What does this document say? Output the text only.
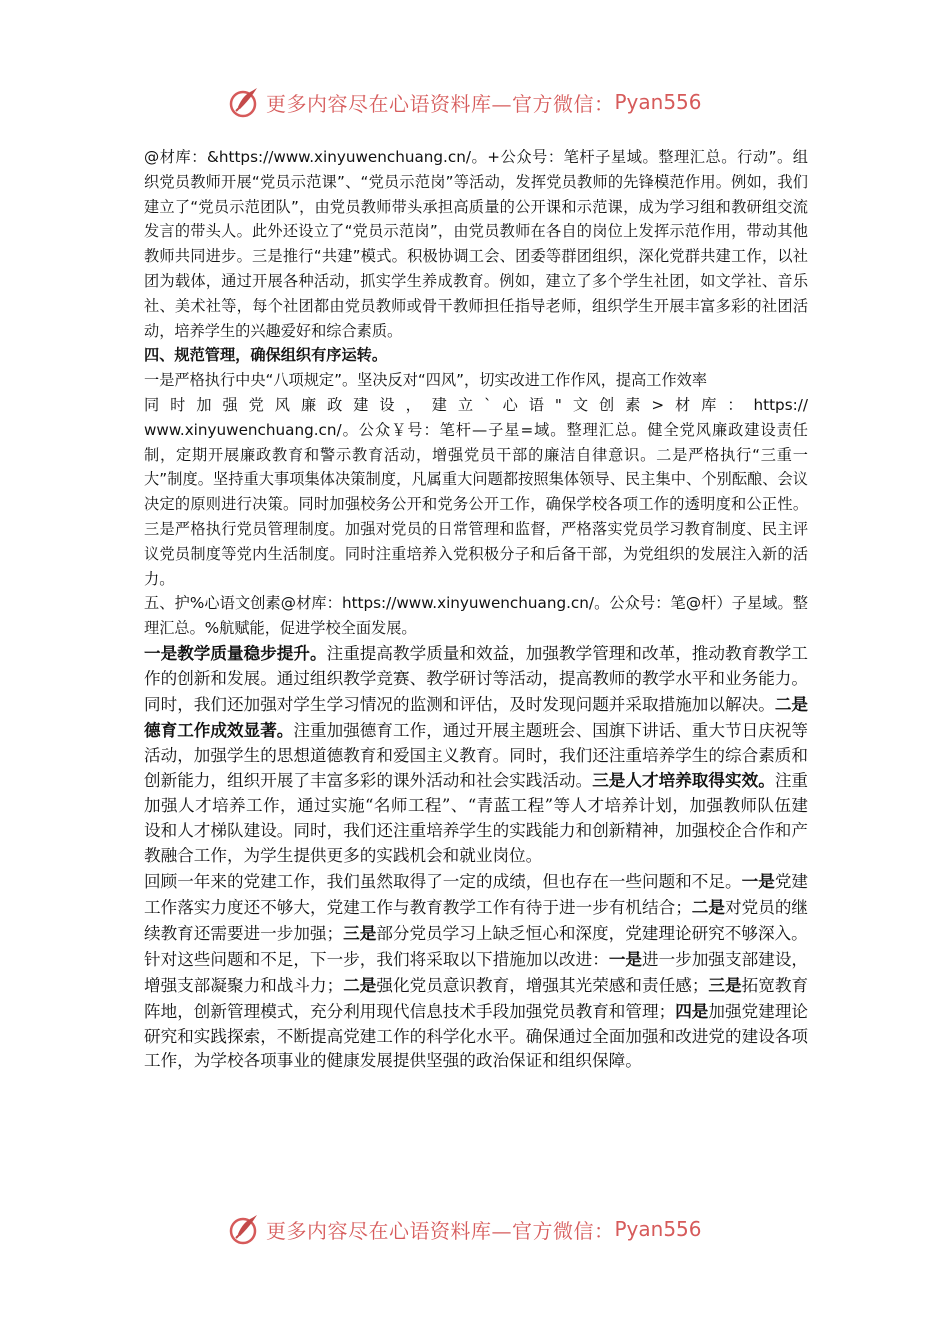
更多内容尽在心语资料库—官方微信： Pyan556

@材库：&https://www.xinyuwenchuang.cn/。+公众号：笔杆子星域。整理汇总。行动”。组织党员教师开展“党员示范课”、“党员示范岗”等活动，发挥党员教师的先锋模范作用。例如，我们建立了“党员示范团队”，由党员教师带头承担高质量的公开课和示范课，成为学习组和教研组交流发言的带头人。此外还设立了“党员示范岗”，由党员教师在各自的岗位上发挥示范作用，带动其他教师共同进步。三是推行“共建”模式。积极协调工会、团委等群团组织，深化党群共建工作，以社团为载体，通过开展各种活动，抓实学生养成教育。例如，建立了多个学生社团，如文学社、音乐社、美术社等，每个社团都由党员教师或骨干教师担任指导老师，组织学生开展丰富多彩的社团活动，培养学生的兴趣爱好和综合素质。

四、规范管理，确保组织有序运转。

一是严格执行中央“八项规定”。坚决反对“四风”，切实改进工作作风，提高工作效率

同 时 加 强 党 风 廉 政 建 设 ， 建 立 ` 心 语 " 文 创 素 > 材 库 ： https://

www.xinyuwenchuang.cn/。公众￥号：笔杆—子星=域。整理汇总。健全党风廉政建设责任制，定期开展廉政教育和警示教育活动，增强党员干部的廉洁自律意识。二是严格执行“三重一大”制度。坚持重大事项集体决策制度，凡属重大问题都按照集体领导、民主集中、个别酝酿、会议决定的原则进行决策。同时加强校务公开和党务公开工作，确保学校各项工作的透明度和公正性。三是严格执行党员管理制度。加强对党员的日常管理和监督，严格落实党员学习教育制度、民主评议党员制度等党内生活制度。同时注重培养入党积极分子和后备干部，为党组织的发展注入新的活力。

五、护%心语文创素@材库：https://www.xinyuwenchuang.cn/。公众号：笔@杆）子星域。整理汇总。%航赋能，促进学校全面发展。

一是教学质量稳步提升。注重提高教学质量和效益，加强教学管理和改革，推动教育教学工作的创新和发展。通过组织教学竞赛、教学研讨等活动，提高教师的教学水平和业务能力。同时，我们还加强对学生学习情况的监测和评估，及时发现问题并采取措施加以解决。二是德育工作成效显著。注重加强德育工作，通过开展主题班会、国旗下讲话、重大节日庆祝等活动，加强学生的思想道德教育和爱国主义教育。同时，我们还注重培养学生的综合素质和创新能力，组织开展了丰富多彩的课外活动和社会实践活动。三是人才培养取得实效。注重加强人才培养工作，通过实施“名师工程”、“青蓝工程”等人才培养计划，加强教师队伍建设和人才梯队建设。同时，我们还注重培养学生的实践能力和创新精神，加强校企合作和产教融合工作，为学生提供更多的实践机会和就业岗位。

回顾一年来的党建工作，我们虽然取得了一定的成绩，但也存在一些问题和不足。一是党建工作落实力度还不够大，党建工作与教育教学工作有待于进一步有机结合；二是对党员的继续教育还需要进一步加强；三是部分党员学习上缺乏恒心和深度，党建理论研究不够深入。

针对这些问题和不足，下一步，我们将采取以下措施加以改进：一是进一步加强支部建设，增强支部凝聚力和战斗力；二是强化党员意识教育，增强其光荣感和责任感；三是拓宽教育阵地，创新管理模式，充分利用现代信息技术手段加强党员教育和管理；四是加强党建理论研究和实践探索，不断提高党建工作的科学化水平。确保通过全面加强和改进党的建设各项工作，为学校各项事业的健康发展提供坚强的政治保证和组织保障。

更多内容尽在心语资料库—官方微信： Pyan556
